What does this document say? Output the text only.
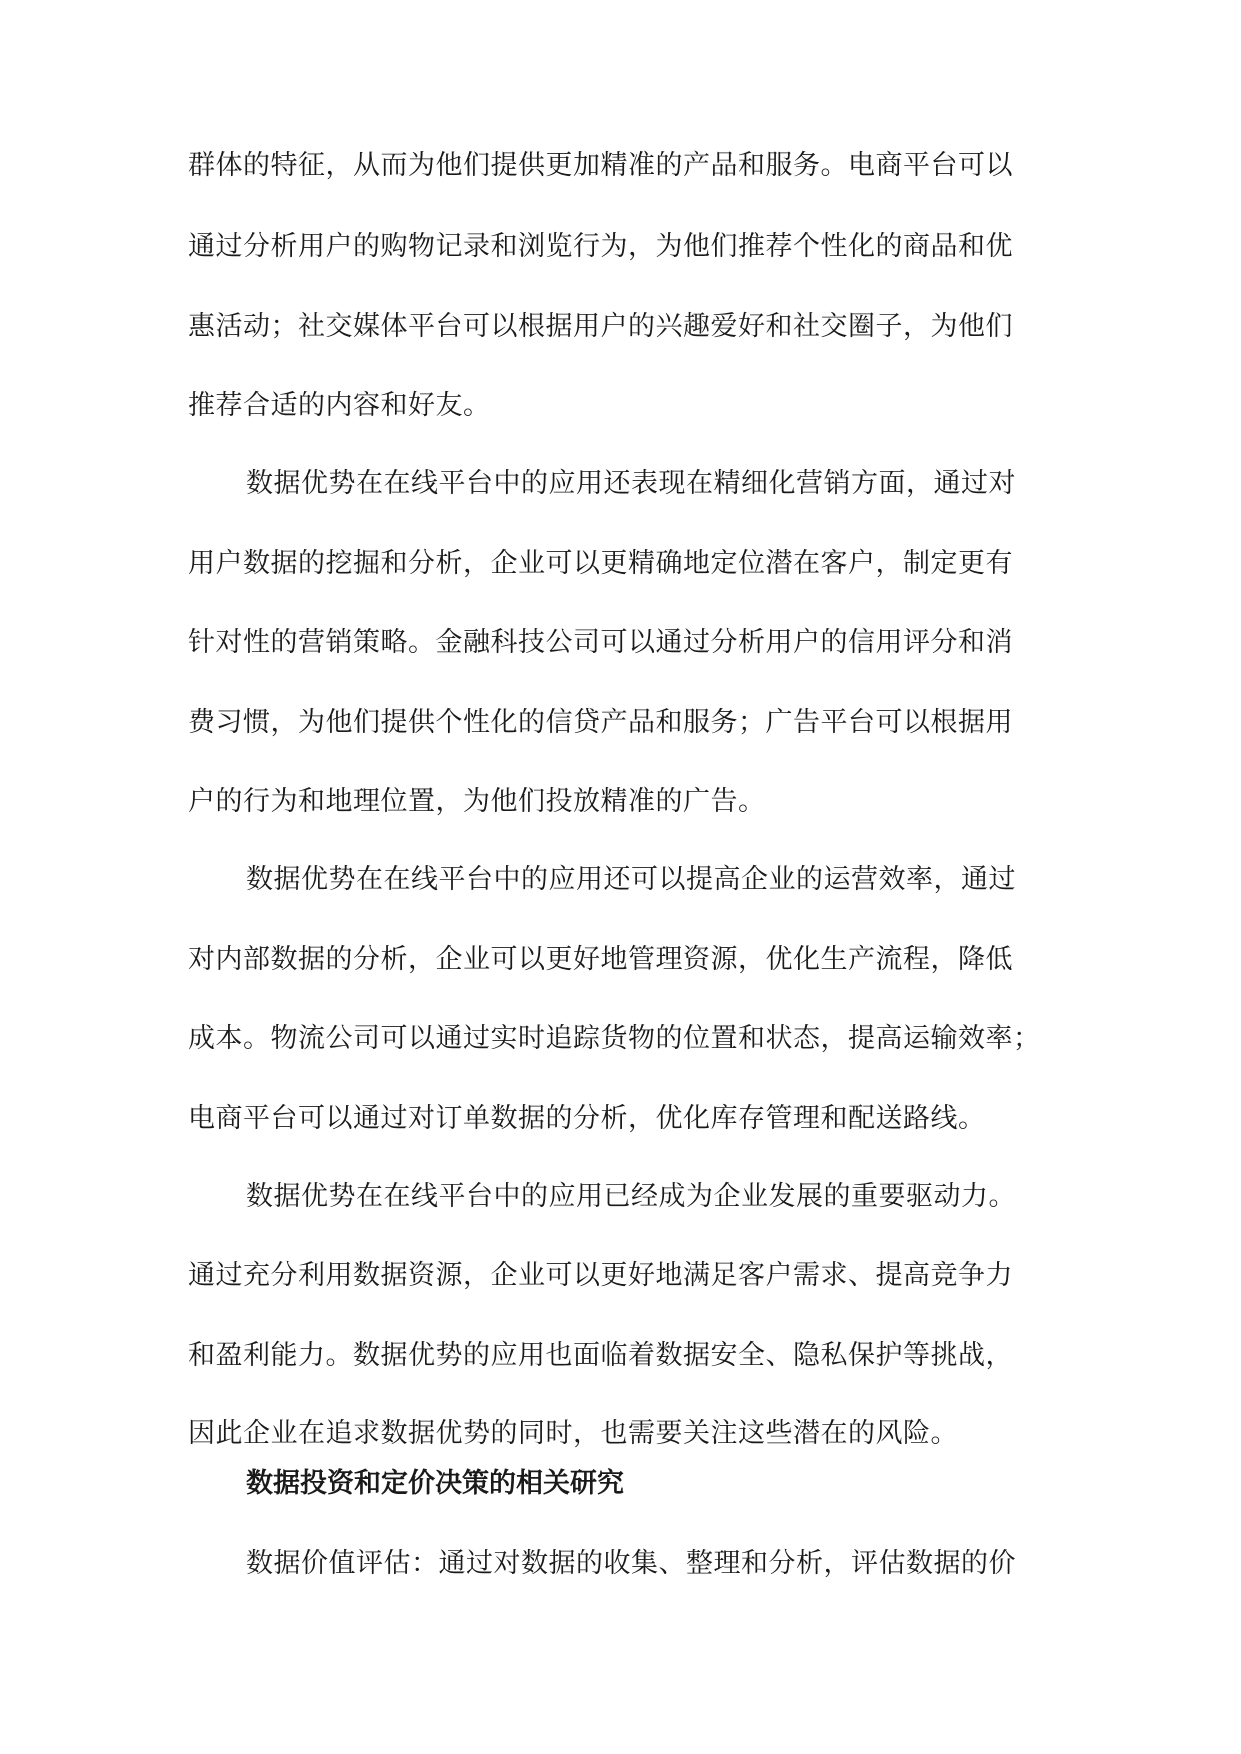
群体的特征，从而为他们提供更加精准的产品和服务。电商平台可以
通过分析用户的购物记录和浏览行为，为他们推荐个性化的商品和优
惠活动；社交媒体平台可以根据用户的兴趣爱好和社交圈子，为他们
推荐合适的内容和好友。
数据优势在在线平台中的应用还表现在精细化营销方面，通过对
用户数据的挖掘和分析，企业可以更精确地定位潜在客户，制定更有
针对性的营销策略。金融科技公司可以通过分析用户的信用评分和消
费习惯，为他们提供个性化的信贷产品和服务；广告平台可以根据用
户的行为和地理位置，为他们投放精准的广告。
数据优势在在线平台中的应用还可以提高企业的运营效率，通过
对内部数据的分析，企业可以更好地管理资源，优化生产流程，降低
成本。物流公司可以通过实时追踪货物的位置和状态，提高运输效率；
电商平台可以通过对订单数据的分析，优化库存管理和配送路线。
数据优势在在线平台中的应用已经成为企业发展的重要驱动力。
通过充分利用数据资源，企业可以更好地满足客户需求、提高竞争力
和盈利能力。数据优势的应用也面临着数据安全、隐私保护等挑战，
因此企业在追求数据优势的同时，也需要关注这些潜在的风险。
数据投资和定价决策的相关研究
数据价值评估：通过对数据的收集、整理和分析，评估数据的价
